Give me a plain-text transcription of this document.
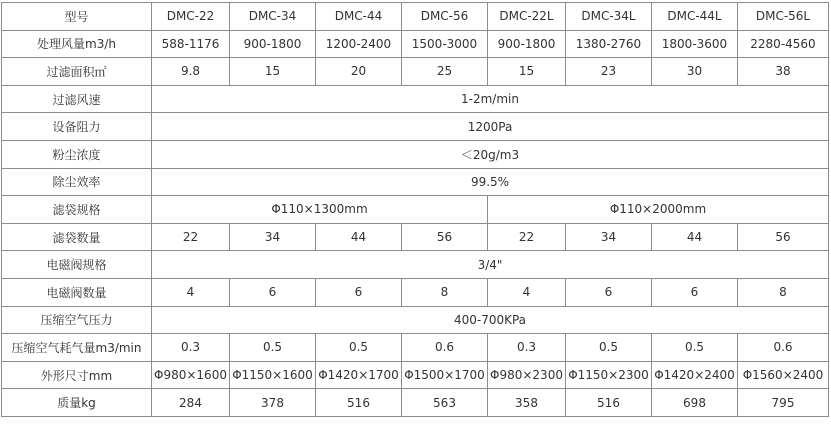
型号	DMC-22	DMC-34	DMC-44	DMC-56	DMC-22L	DMC-34L	DMC-44L	DMC-56L
处理风量m3/h	588-1176	900-1800	1200-2400	1500-3000	900-1800	1380-2760	1800-3600	2280-4560
过滤面积㎡	9.8	15	20	25	15	23	30	38
过滤风速	1-2m/min							
设备阻力	1200Pa							
粉尘浓度	＜20g/m3							
除尘效率	99.5%							
滤袋规格	Φ110×1300mm				Φ110×2000mm			
滤袋数量	22	34	44	56	22	34	44	56
电磁阀规格	3/4"							
电磁阀数量	4	6	6	8	4	6	6	8
压缩空气压力	400-700KPa							
压缩空气耗气量m3/min	0.3	0.5	0.5	0.6	0.3	0.5	0.5	0.6
外形尺寸mm	Φ980×1600	Φ1150×1600	Φ1420×1700	Φ1500×1700	Φ980×2300	Φ1150×2300	Φ1420×2400	Φ1560×2400
质量kg	284	378	516	563	358	516	698	795
